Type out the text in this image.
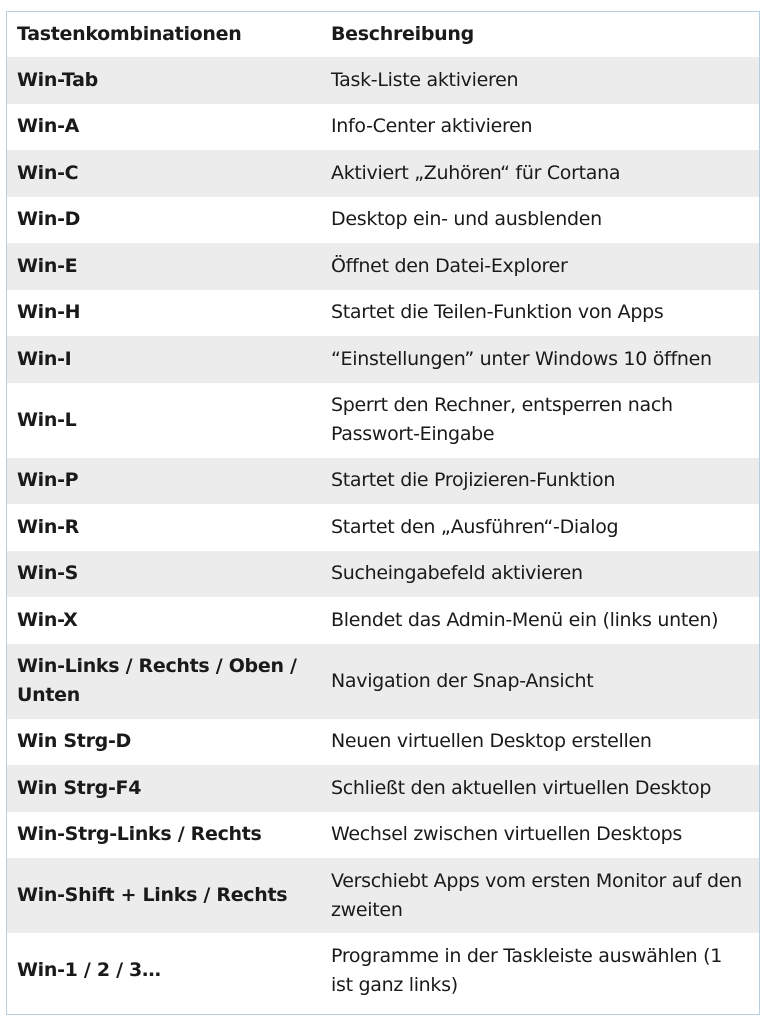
Tastenkombinationen	Beschreibung
Win-Tab	Task-Liste aktivieren
Win-A	Info-Center aktivieren
Win-C	Aktiviert „Zuhören“ für Cortana
Win-D	Desktop ein- und ausblenden
Win-E	Öffnet den Datei-Explorer
Win-H	Startet die Teilen-Funktion von Apps
Win-I	“Einstellungen” unter Windows 10 öffnen
Win-L	Sperrt den Rechner, entsperren nach Passwort-Eingabe
Win-P	Startet die Projizieren-Funktion
Win-R	Startet den „Ausführen“-Dialog
Win-S	Sucheingabefeld aktivieren
Win-X	Blendet das Admin-Menü ein (links unten)
Win-Links / Rechts / Oben / Unten	Navigation der Snap-Ansicht
Win Strg-D	Neuen virtuellen Desktop erstellen
Win Strg-F4	Schließt den aktuellen virtuellen Desktop
Win-Strg-Links / Rechts	Wechsel zwischen virtuellen Desktops
Win-Shift + Links / Rechts	Verschiebt Apps vom ersten Monitor auf den zweiten
Win-1 / 2 / 3…	Programme in der Taskleiste auswählen (1 ist ganz links)
